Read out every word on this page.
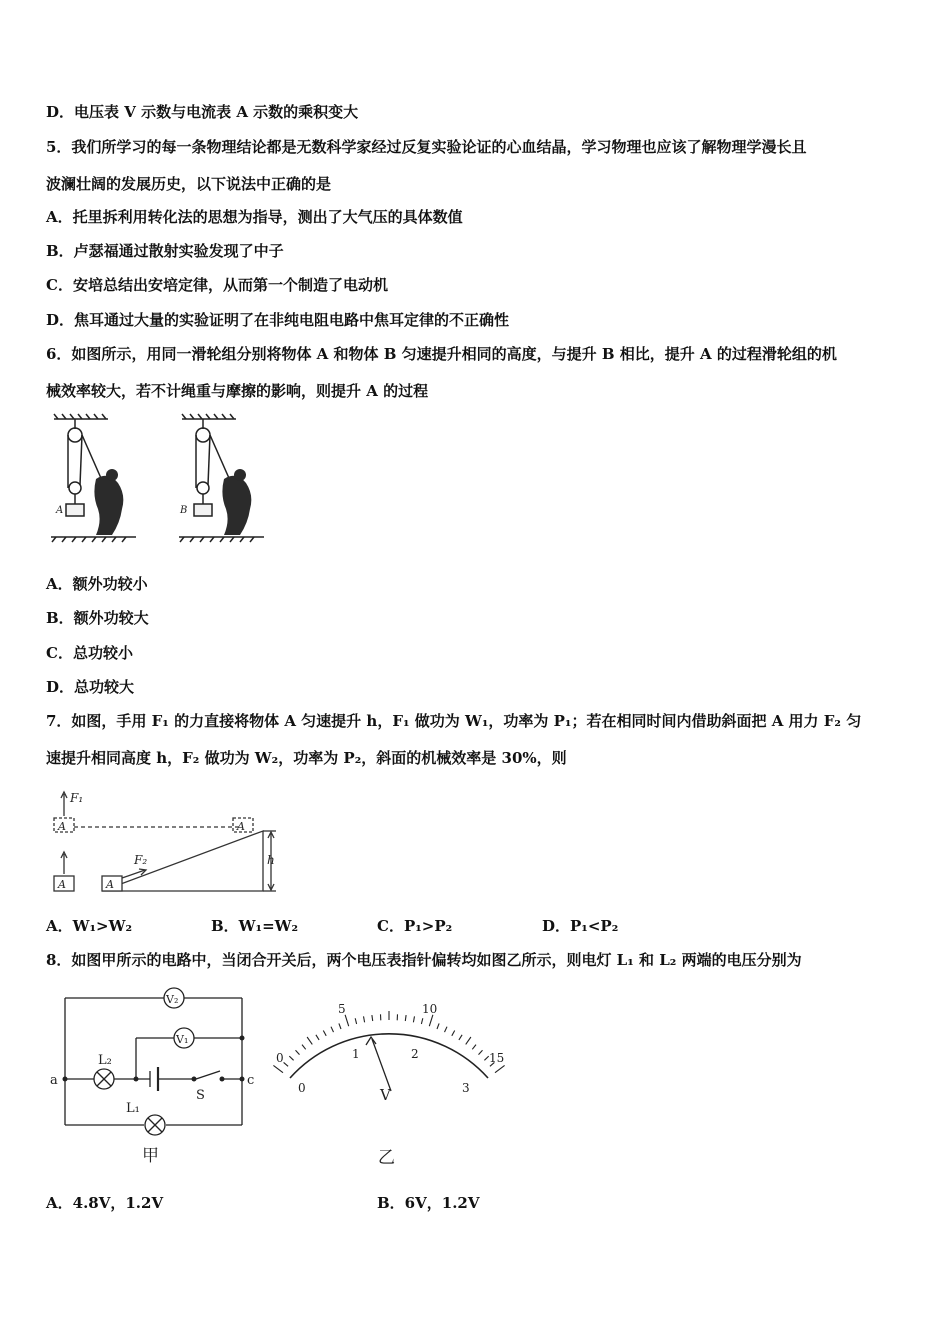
D．电压表 V 示数与电流表 A 示数的乘积变大
5．我们所学习的每一条物理结论都是无数科学家经过反复实验论证的心血结晶，学习物理也应该了解物理学漫长且
波澜壮阔的发展历史，以下说法中正确的是
A．托里拆利用转化法的思想为指导，测出了大气压的具体数值
B．卢瑟福通过散射实验发现了中子
C．安培总结出安培定律，从而第一个制造了电动机
D．焦耳通过大量的实验证明了在非纯电阻电路中焦耳定律的不正确性
6．如图所示，用同一滑轮组分别将物体 A 和物体 B 匀速提升相同的高度，与提升 B 相比，提升 A 的过程滑轮组的机
械效率较大，若不计绳重与摩擦的影响，则提升 A 的过程
A	B
A．额外功较小
B．额外功较大
C．总功较小
D．总功较大
7．如图，手用 F₁ 的力直接将物体 A 匀速提升 h，F₁ 做功为 W₁，功率为 P₁；若在相同时间内借助斜面把 A 用力 F₂ 匀
速提升相同高度 h，F₂ 做功为 W₂，功率为 P₂，斜面的机械效率是 30%，则
F₁
A	A
A	A
F₂	h
A．W₁>W₂	B．W₁=W₂	C．P₁>P₂	D．P₁<P₂
8．如图甲所示的电路中，当闭合开关后，两个电压表指针偏转均如图乙所示，则电灯 L₁ 和 L₂ 两端的电压分别为
V₂
V₁
L₂
L₁
a	c
S
甲
0
5	10
15
0
1	2
3
V
乙
A．4.8V，1.2V	B．6V，1.2V
